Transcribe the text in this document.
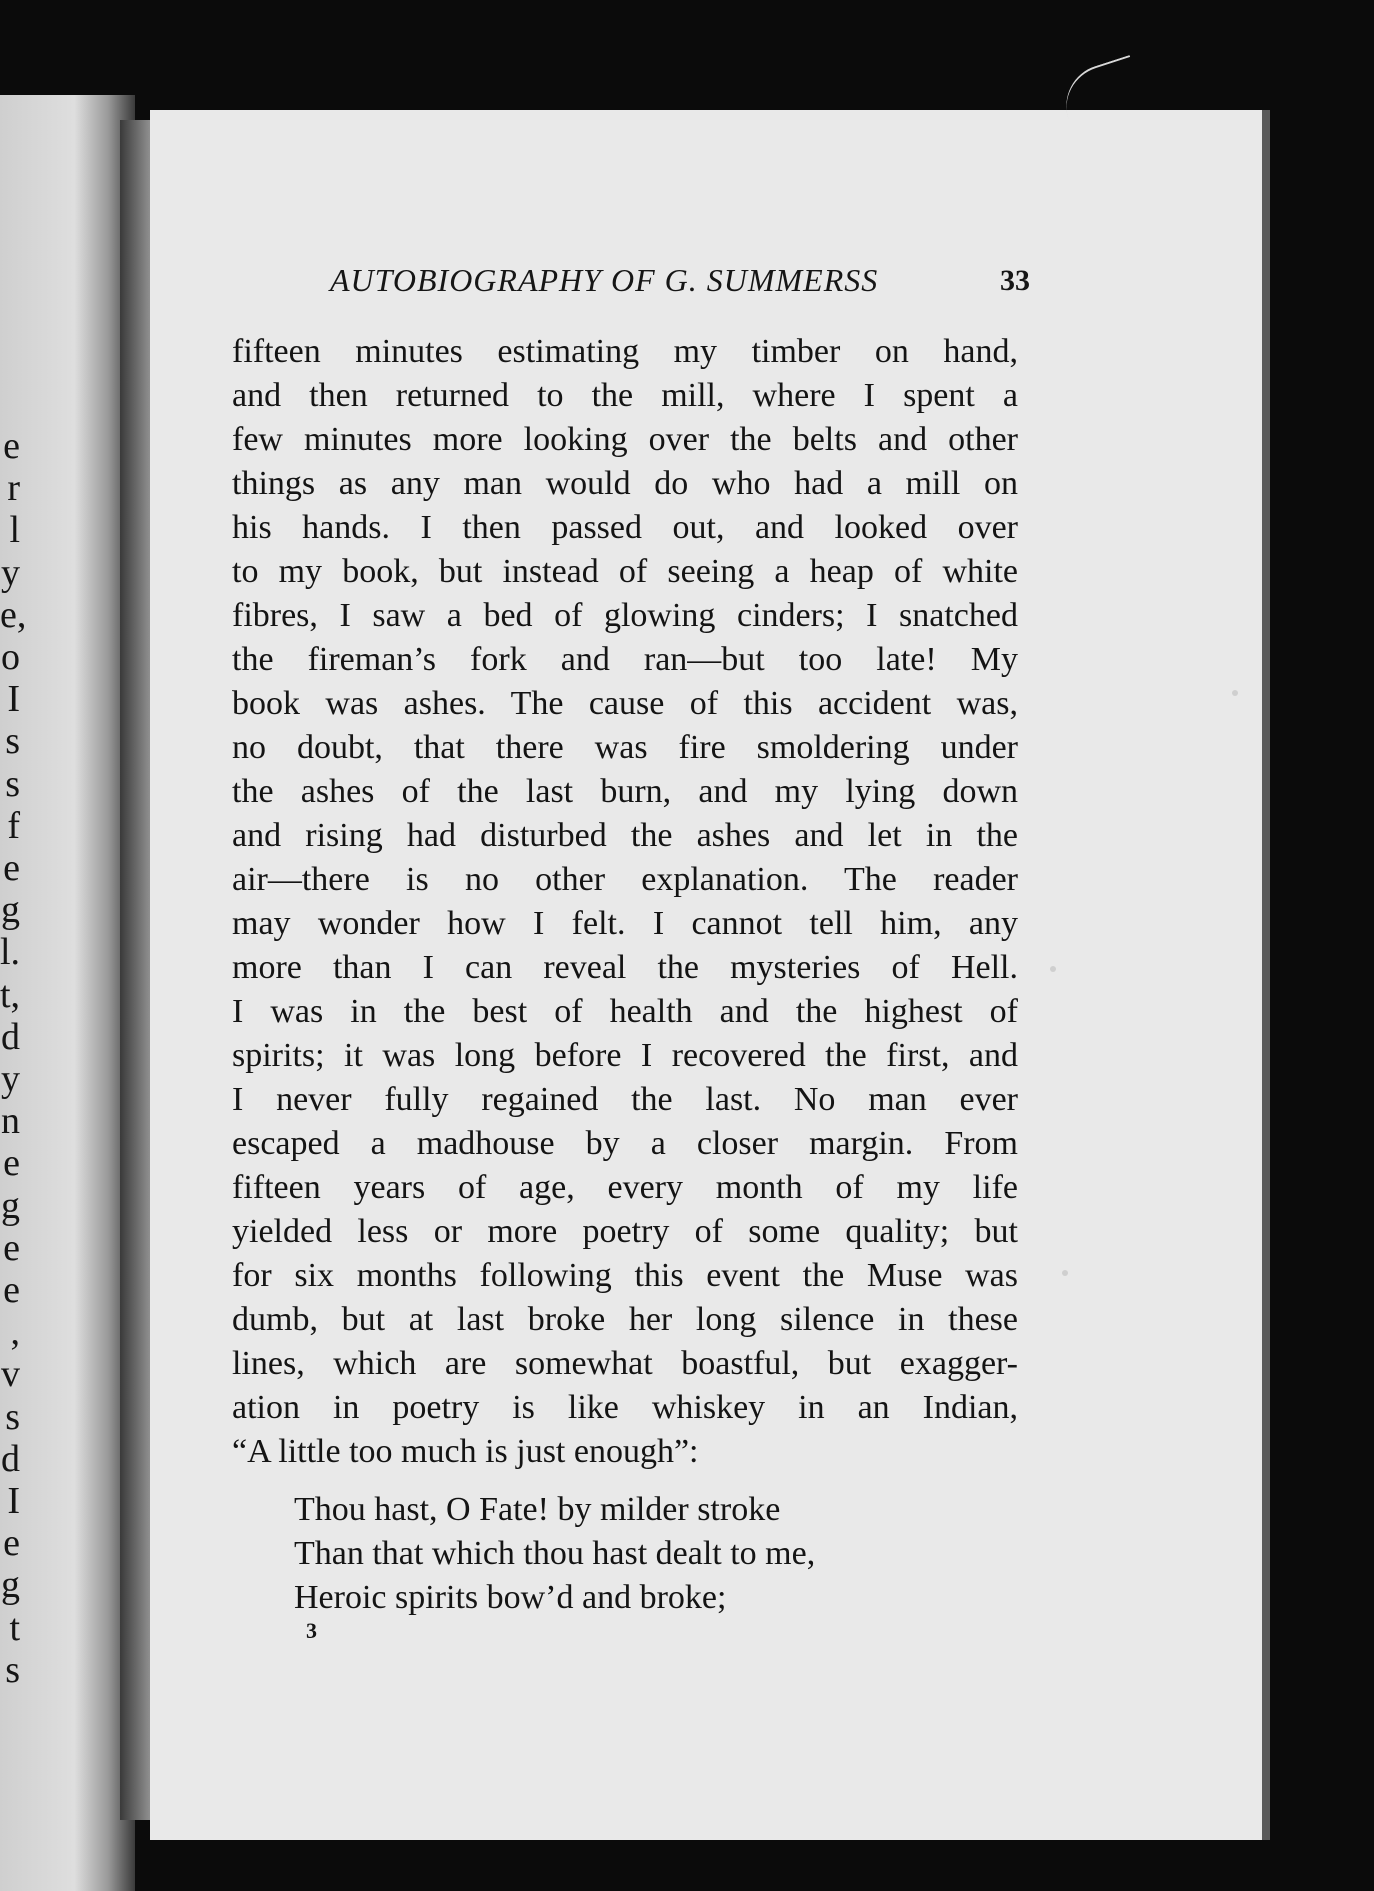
e
r
l
y
e,
o
I
s
s
f
e
g
l.
t,
d
y
n
e
g
e
e
,
v
s
d
I
e
g
t
s
AUTOBIOGRAPHY OF G. SUMMERSS	33
fifteen minutes estimating my timber on hand,
and then returned to the mill, where I spent a
few minutes more looking over the belts and other
things as any man would do who had a mill on
his hands. I then passed out, and looked over
to my book, but instead of seeing a heap of white
fibres, I saw a bed of glowing cinders; I snatched
the fireman’s fork and ran—but too late! My
book was ashes. The cause of this accident was,
no doubt, that there was fire smoldering under
the ashes of the last burn, and my lying down
and rising had disturbed the ashes and let in the
air—there is no other explanation. The reader
may wonder how I felt. I cannot tell him, any
more than I can reveal the mysteries of Hell.
I was in the best of health and the highest of
spirits; it was long before I recovered the first, and
I never fully regained the last. No man ever
escaped a madhouse by a closer margin. From
fifteen years of age, every month of my life
yielded less or more poetry of some quality; but
for six months following this event the Muse was
dumb, but at last broke her long silence in these
lines, which are somewhat boastful, but exagger-
ation in poetry is like whiskey in an Indian,
“A little too much is just enough”:
Thou hast, O Fate! by milder stroke
Than that which thou hast dealt to me,
Heroic spirits bow’d and broke;
3
